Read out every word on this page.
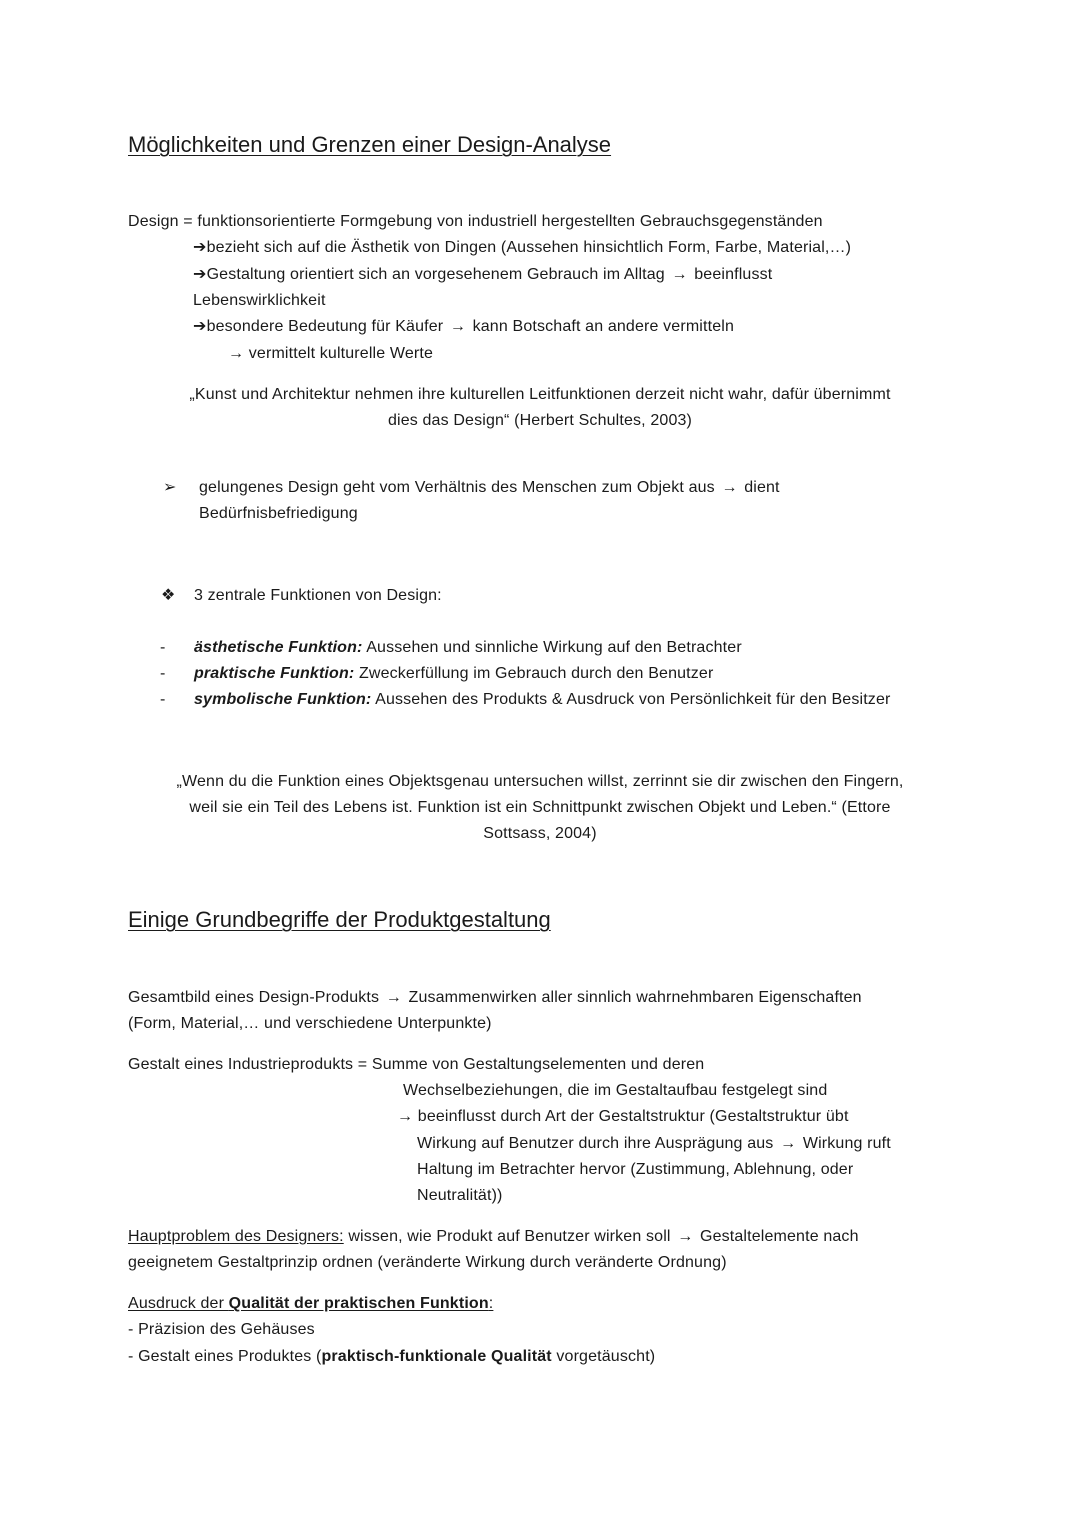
Möglichkeiten und Grenzen einer Design-Analyse
Design = funktionsorientierte Formgebung von industriell hergestellten Gebrauchsgegenständen
➔bezieht sich auf die Ästhetik von Dingen (Aussehen hinsichtlich Form, Farbe, Material,…)
➔Gestaltung orientiert sich an vorgesehenem Gebrauch im Alltag → beeinflusst
Lebenswirklichkeit
➔besondere Bedeutung für Käufer → kann Botschaft an andere vermitteln
→ vermittelt kulturelle Werte
„Kunst und Architektur nehmen ihre kulturellen Leitfunktionen derzeit nicht wahr, dafür übernimmt
dies das Design“ (Herbert Schultes, 2003)
➢ gelungenes Design geht vom Verhältnis des Menschen zum Objekt aus → dient
Bedürfnisbefriedigung
❖ 3 zentrale Funktionen von Design:
- ästhetische Funktion: Aussehen und sinnliche Wirkung auf den Betrachter
- praktische Funktion: Zweckerfüllung im Gebrauch durch den Benutzer
- symbolische Funktion: Aussehen des Produkts & Ausdruck von Persönlichkeit für den Besitzer
„Wenn du die Funktion eines Objektsgenau untersuchen willst, zerrinnt sie dir zwischen den Fingern,
weil sie ein Teil des Lebens ist. Funktion ist ein Schnittpunkt zwischen Objekt und Leben.“ (Ettore
Sottsass, 2004)
Einige Grundbegriffe der Produktgestaltung
Gesamtbild eines Design-Produkts → Zusammenwirken aller sinnlich wahrnehmbaren Eigenschaften
(Form, Material,… und verschiedene Unterpunkte)
Gestalt eines Industrieprodukts = Summe von Gestaltungselementen und deren
Wechselbeziehungen, die im Gestaltaufbau festgelegt sind
→ beeinflusst durch Art der Gestaltstruktur (Gestaltstruktur übt
Wirkung auf Benutzer durch ihre Ausprägung aus → Wirkung ruft
Haltung im Betrachter hervor (Zustimmung, Ablehnung, oder
Neutralität))
Hauptproblem des Designers: wissen, wie Produkt auf Benutzer wirken soll → Gestaltelemente nach
geeignetem Gestaltprinzip ordnen (veränderte Wirkung durch veränderte Ordnung)
Ausdruck der Qualität der praktischen Funktion:
- Präzision des Gehäuses
- Gestalt eines Produktes (praktisch-funktionale Qualität vorgetäuscht)
